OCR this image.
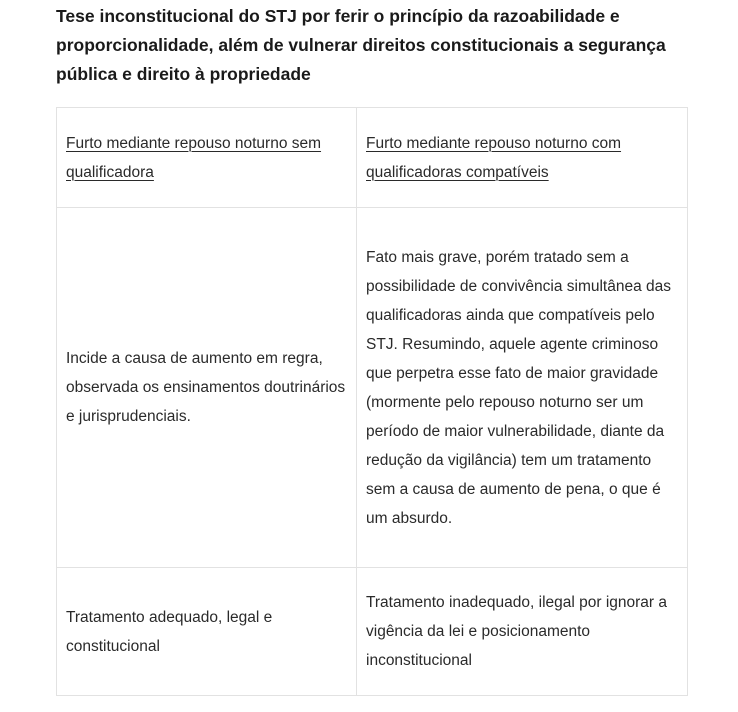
Tese inconstitucional do STJ por ferir o princípio da razoabilidade e proporcionalidade, além de vulnerar direitos constitucionais a segurança pública e direito à propriedade
Furto mediante repouso noturno sem qualificadora	Furto mediante repouso noturno com qualificadoras compatíveis
Incide a causa de aumento em regra, observada os ensinamentos doutrinários e jurisprudenciais.	Fato mais grave, porém tratado sem a possibilidade de convivência simultânea das qualificadoras ainda que compatíveis pelo STJ. Resumindo, aquele agente criminoso que perpetra esse fato de maior gravidade (mormente pelo repouso noturno ser um período de maior vulnerabilidade, diante da redução da vigilância) tem um tratamento sem a causa de aumento de pena, o que é um absurdo.
Tratamento adequado, legal e constitucional	Tratamento inadequado, ilegal por ignorar a vigência da lei e posicionamento inconstitucional
